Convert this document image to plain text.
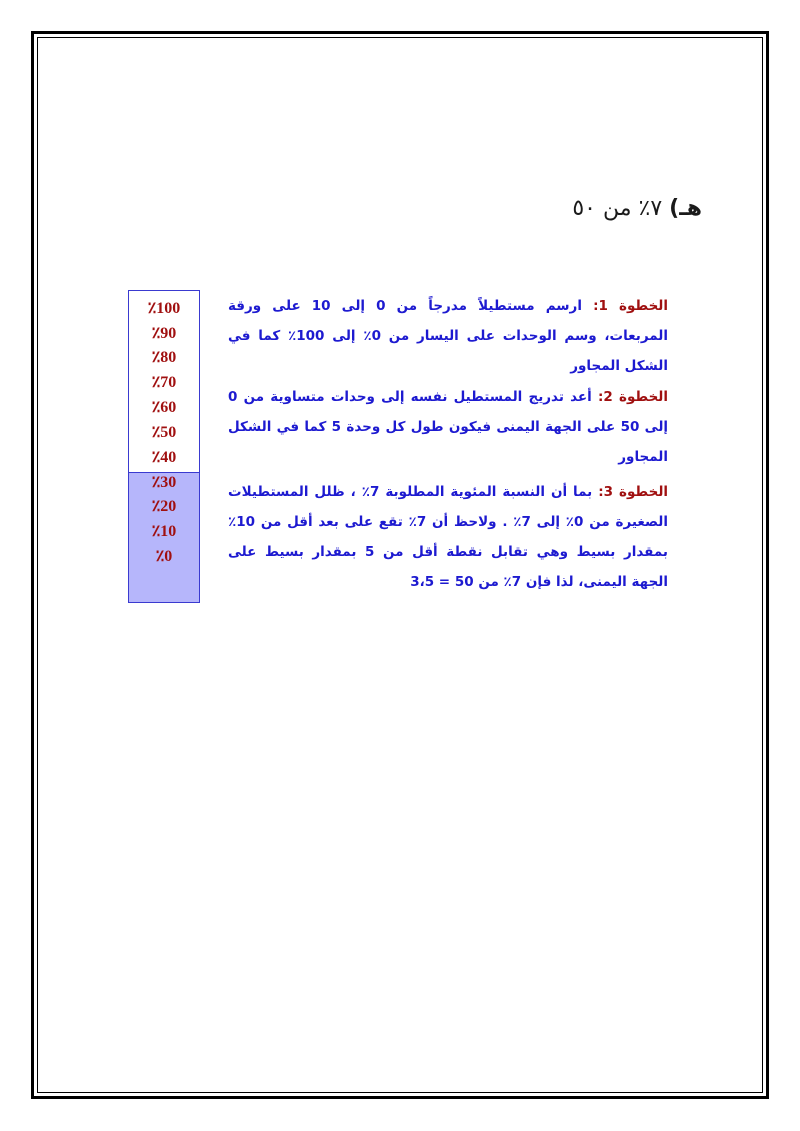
هـ) ٧٪ من ٥٠
٪100
٪90
٪80
٪70
٪60
٪50
٪40
٪30
٪20
٪10
٪0
الخطوة 1: ارسم مستطيلاً مدرجاً من 0 إلى 10 على ورقة المربعات، وسم الوحدات على اليسار من 0٪ إلى 100٪ كما في الشكل المجاور
الخطوة 2: أعد تدريج المستطيل نفسه إلى وحدات متساوية من 0 إلى 50 على الجهة اليمنى فيكون طول كل وحدة 5 كما في الشكل المجاور
الخطوة 3: بما أن النسبة المئوية المطلوبة 7٪ ، ظلل المستطيلات الصغيرة من 0٪ إلى 7٪ . ولاحظ أن 7٪ تقع على بعد أقل من 10٪ بمقدار بسيط وهي تقابل نقطة أقل من 5 بمقدار بسيط على الجهة اليمنى، لذا فإن 7٪ من 50 = 3،5
